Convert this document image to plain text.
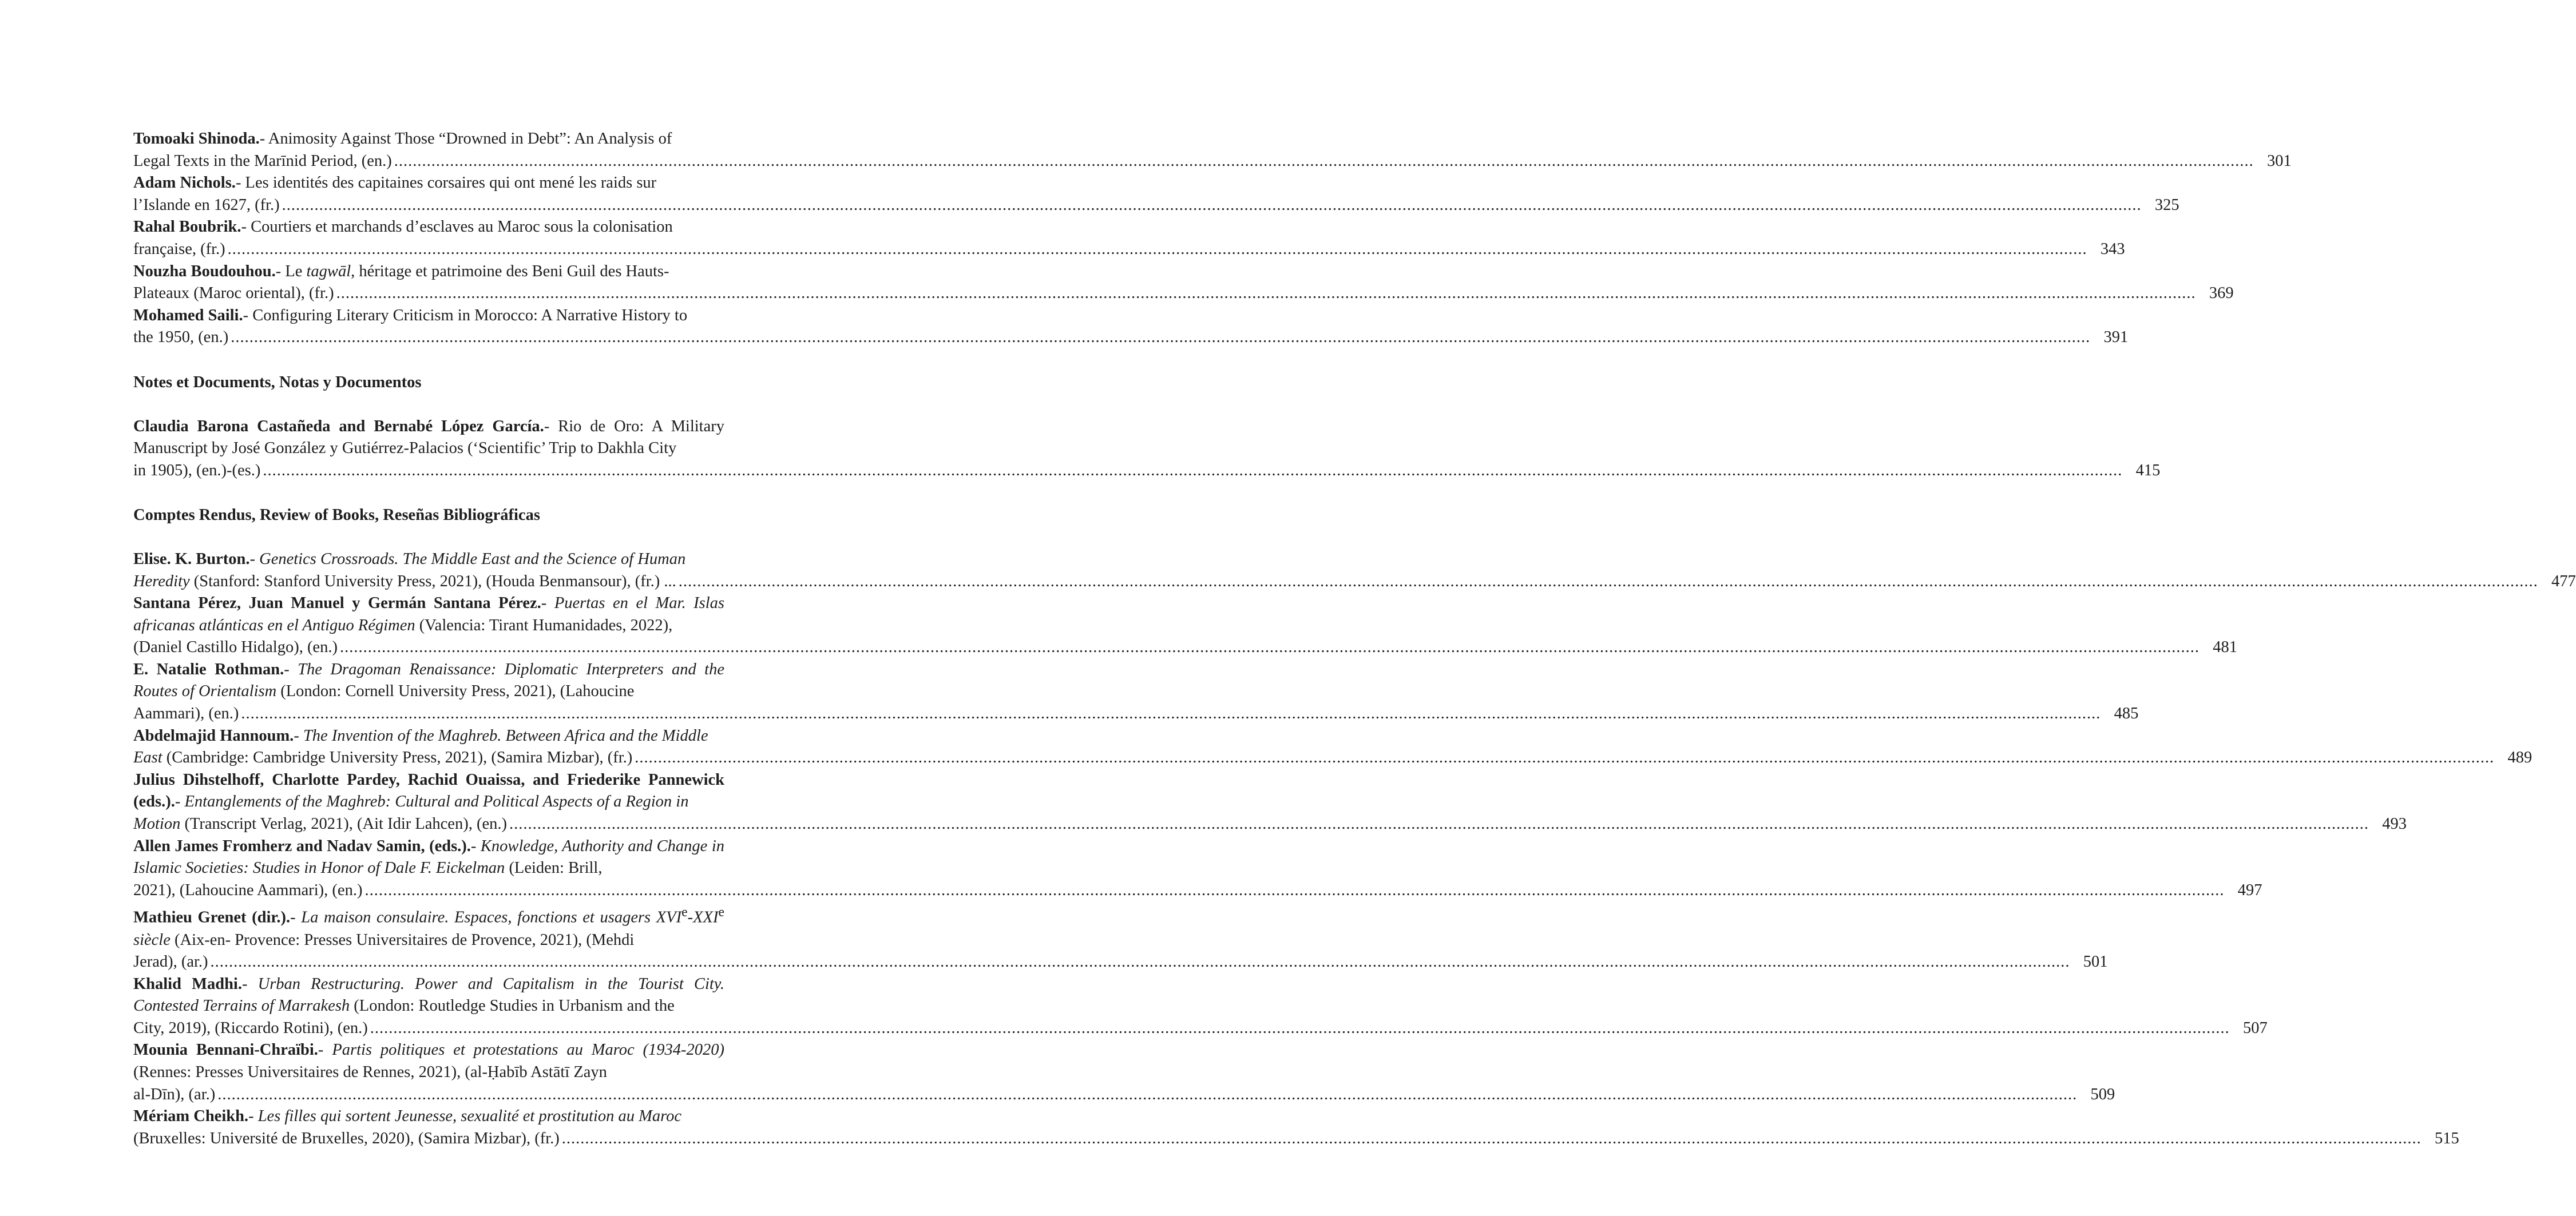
Tomoaki Shinoda.- Animosity Against Those “Drowned in Debt”: An Analysis of

Legal Texts in the Marīnid Period, (en.) ................................................................................................................................................................................................................................................................................................................................................................................................................ 301

Adam Nichols.- Les identités des capitaines corsaires qui ont mené les raids sur

l’Islande en 1627, (fr.) ................................................................................................................................................................................................................................................................................................................................................................................................................ 325

Rahal Boubrik.- Courtiers et marchands d’esclaves au Maroc sous la colonisation

française, (fr.) ................................................................................................................................................................................................................................................................................................................................................................................................................ 343

Nouzha Boudouhou.- Le tagwāl, héritage et patrimoine des Beni Guil des Hauts-

Plateaux (Maroc oriental), (fr.) ................................................................................................................................................................................................................................................................................................................................................................................................................ 369

Mohamed Saili.- Configuring Literary Criticism in Morocco: A Narrative History to

the 1950, (en.) ................................................................................................................................................................................................................................................................................................................................................................................................................ 391
Notes et Documents, Notas y Documentos

Claudia Barona Castañeda and Bernabé López García.- Rio de Oro: A Military Manuscript by José González y Gutiérrez-Palacios (‘Scientific’ Trip to Dakhla City

in 1905), (en.)-(es.) ................................................................................................................................................................................................................................................................................................................................................................................................................ 415
Comptes Rendus, Review of Books, Reseñas Bibliográficas

Elise. K. Burton.- Genetics Crossroads. The Middle East and the Science of Human

Heredity (Stanford: Stanford University Press, 2021), (Houda Benmansour), (fr.) ... ................................................................................................................................................................................................................................................................................................................................................................................................................ 477

Santana Pérez, Juan Manuel y Germán Santana Pérez.- Puertas en el Mar. Islas africanas atlánticas en el Antiguo Régimen (Valencia: Tirant Humanidades, 2022),

(Daniel Castillo Hidalgo), (en.) ................................................................................................................................................................................................................................................................................................................................................................................................................ 481

E. Natalie Rothman.- The Dragoman Renaissance: Diplomatic Interpreters and the Routes of Orientalism (London: Cornell University Press, 2021), (Lahoucine

Aammari), (en.) ................................................................................................................................................................................................................................................................................................................................................................................................................ 485

Abdelmajid Hannoum.- The Invention of the Maghreb. Between Africa and the Middle

East (Cambridge: Cambridge University Press, 2021), (Samira Mizbar), (fr.) ................................................................................................................................................................................................................................................................................................................................................................................................................ 489

Julius Dihstelhoff, Charlotte Pardey, Rachid Ouaissa, and Friederike Pannewick (eds.).- Entanglements of the Maghreb: Cultural and Political Aspects of a Region in

Motion (Transcript Verlag, 2021), (Ait Idir Lahcen), (en.) ................................................................................................................................................................................................................................................................................................................................................................................................................ 493

Allen James Fromherz and Nadav Samin, (eds.).- Knowledge, Authority and Change in Islamic Societies: Studies in Honor of Dale F. Eickelman (Leiden: Brill,

2021), (Lahoucine Aammari), (en.) ................................................................................................................................................................................................................................................................................................................................................................................................................ 497

Mathieu Grenet (dir.).- La maison consulaire. Espaces, fonctions et usagers XVIe-XXIe siècle (Aix-en- Provence: Presses Universitaires de Provence, 2021), (Mehdi

Jerad), (ar.) ................................................................................................................................................................................................................................................................................................................................................................................................................ 501

Khalid Madhi.- Urban Restructuring. Power and Capitalism in the Tourist City. Contested Terrains of Marrakesh (London: Routledge Studies in Urbanism and the

City, 2019), (Riccardo Rotini), (en.) ................................................................................................................................................................................................................................................................................................................................................................................................................ 507

Mounia Bennani-Chraïbi.- Partis politiques et protestations au Maroc (1934-2020) (Rennes: Presses Universitaires de Rennes, 2021), (al-Ḥabīb Astātī Zayn

al-Dīn), (ar.) ................................................................................................................................................................................................................................................................................................................................................................................................................ 509

Mériam Cheikh.- Les filles qui sortent Jeunesse, sexualité et prostitution au Maroc

(Bruxelles: Université de Bruxelles, 2020), (Samira Mizbar), (fr.) ................................................................................................................................................................................................................................................................................................................................................................................................................ 515
